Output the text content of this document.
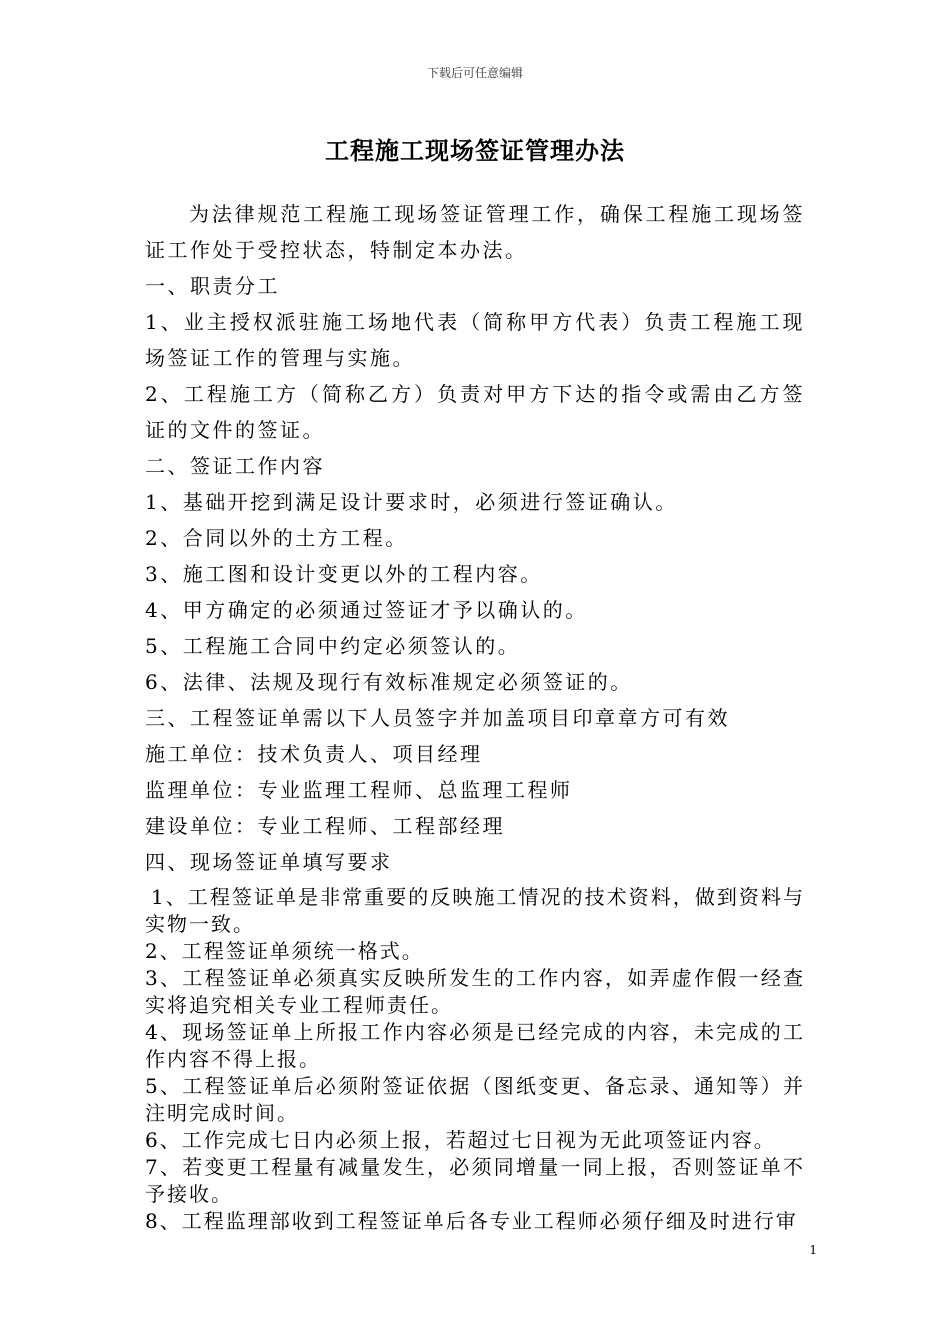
下载后可任意编辑
工程施工现场签证管理办法

为法律规范工程施工现场签证管理工作，确保工程施工现场签证工作处于受控状态，特制定本办法。

一、职责分工

1、业主授权派驻施工场地代表（简称甲方代表）负责工程施工现场签证工作的管理与实施。

2、工程施工方（简称乙方）负责对甲方下达的指令或需由乙方签证的文件的签证。

二、签证工作内容

1、基础开挖到满足设计要求时，必须进行签证确认。

2、合同以外的土方工程。

3、施工图和设计变更以外的工程内容。

4、甲方确定的必须通过签证才予以确认的。

5、工程施工合同中约定必须签认的。

6、法律、法规及现行有效标准规定必须签证的。

三、工程签证单需以下人员签字并加盖项目印章章方可有效

施工单位：技术负责人、项目经理

监理单位：专业监理工程师、总监理工程师

建设单位：专业工程师、工程部经理

四、现场签证单填写要求

1、工程签证单是非常重要的反映施工情况的技术资料，做到资料与实物一致。

2、工程签证单须统一格式。

3、工程签证单必须真实反映所发生的工作内容，如弄虚作假一经查实将追究相关专业工程师责任。

4、现场签证单上所报工作内容必须是已经完成的内容，未完成的工作内容不得上报。

5、工程签证单后必须附签证依据（图纸变更、备忘录、通知等）并注明完成时间。

6、工作完成七日内必须上报，若超过七日视为无此项签证内容。

7、若变更工程量有减量发生，必须同增量一同上报，否则签证单不予接收。

8、工程监理部收到工程签证单后各专业工程师必须仔细及时进行审

1
